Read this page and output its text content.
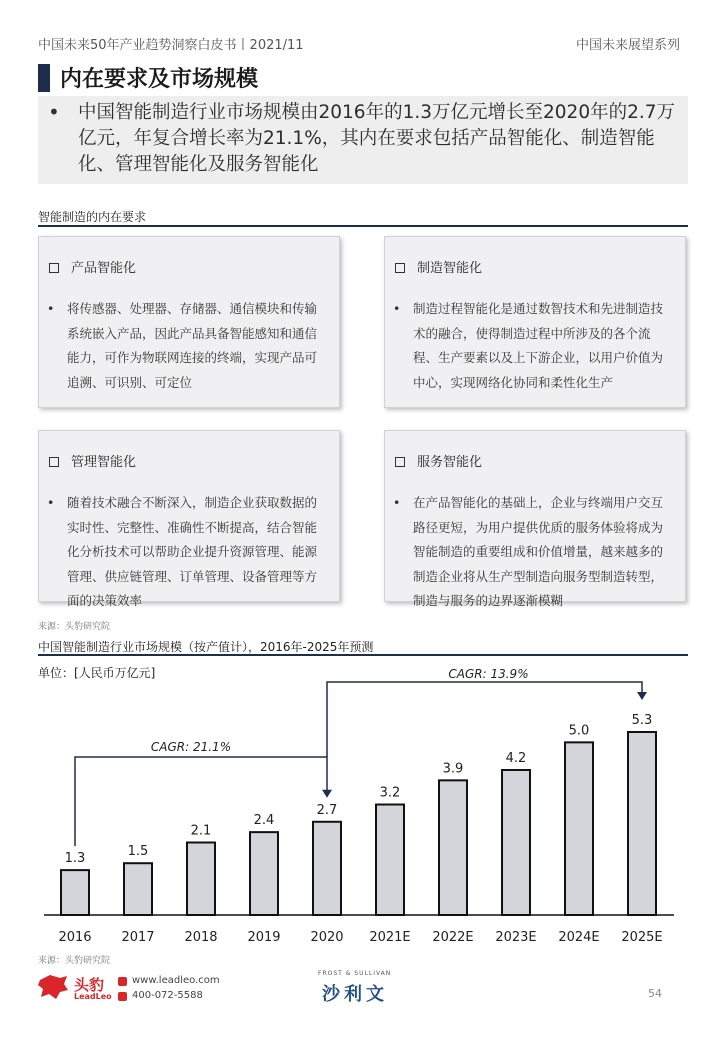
中国未来50年产业趋势洞察白皮书丨2021/11	中国未来展望系列
内在要求及市场规模
• 中国智能制造行业市场规模由2016年的1.3万亿元增长至2020年的2.7万亿元，年复合增长率为21.1%，其内在要求包括产品智能化、制造智能化、管理智能化及服务智能化
智能制造的内在要求
产品智能化
• 将传感器、处理器、存储器、通信模块和传输系统嵌入产品，因此产品具备智能感知和通信能力，可作为物联网连接的终端，实现产品可追溯、可识别、可定位
制造智能化
• 制造过程智能化是通过数智技术和先进制造技术的融合，使得制造过程中所涉及的各个流程、生产要素以及上下游企业，以用户价值为中心，实现网络化协同和柔性化生产
管理智能化
• 随着技术融合不断深入，制造企业获取数据的实时性、完整性、准确性不断提高，结合智能化分析技术可以帮助企业提升资源管理、能源管理、供应链管理、订单管理、设备管理等方面的决策效率
服务智能化
• 在产品智能化的基础上，企业与终端用户交互路径更短，为用户提供优质的服务体验将成为智能制造的重要组成和价值增量，越来越多的制造企业将从生产型制造向服务型制造转型，制造与服务的边界逐渐模糊
来源：头豹研究院
中国智能制造行业市场规模（按产值计），2016年-2025年预测
单位：[人民币万亿元]
1.3
2016
1.5
2017
2.1
2018
2.4
2019
2.7
2020
3.2
2021E
3.9
2022E
4.2
2023E
5.0
2024E
5.3
2025E
CAGR: 21.1%
CAGR: 13.9%
来源：头豹研究院
头豹
LeadLeo
www.leadleo.com
400-072-5588
FROST & SULLIVAN
沙利文	54
